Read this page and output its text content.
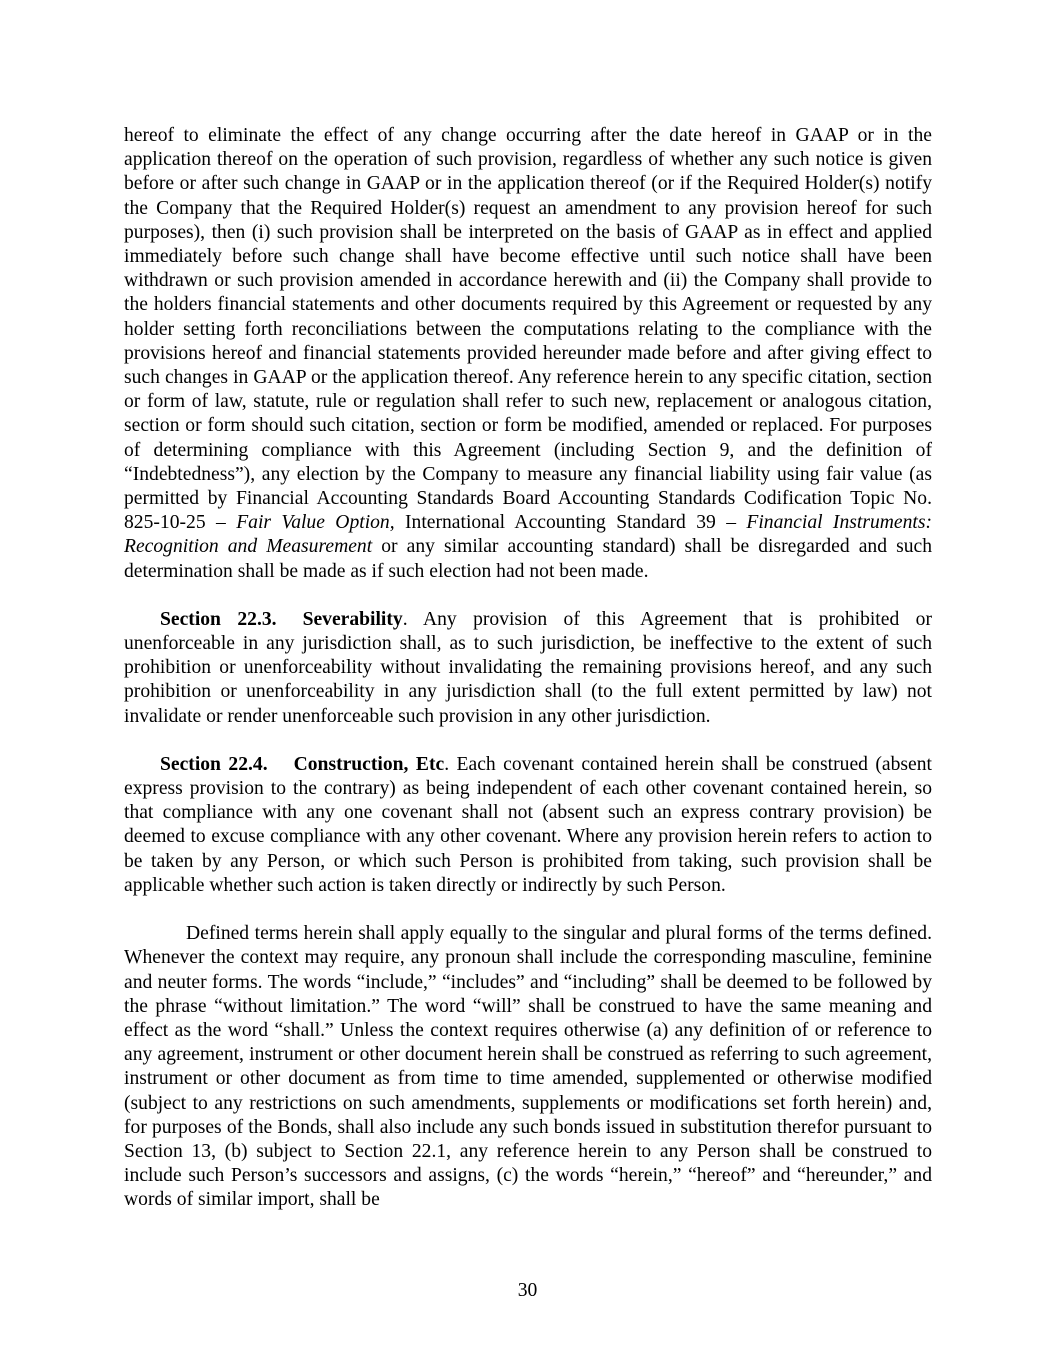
hereof to eliminate the effect of any change occurring after the date hereof in GAAP or in the application thereof on the operation of such provision, regardless of whether any such notice is given before or after such change in GAAP or in the application thereof (or if the Required Holder(s) notify the Company that the Required Holder(s) request an amendment to any provision hereof for such purposes), then (i) such provision shall be interpreted on the basis of GAAP as in effect and applied immediately before such change shall have become effective until such notice shall have been withdrawn or such provision amended in accordance herewith and (ii) the Company shall provide to the holders financial statements and other documents required by this Agreement or requested by any holder setting forth reconciliations between the computations relating to the compliance with the provisions hereof and financial statements provided hereunder made before and after giving effect to such changes in GAAP or the application thereof. Any reference herein to any specific citation, section or form of law, statute, rule or regulation shall refer to such new, replacement or analogous citation, section or form should such citation, section or form be modified, amended or replaced. For purposes of determining compliance with this Agreement (including Section 9, and the definition of “Indebtedness”), any election by the Company to measure any financial liability using fair value (as permitted by Financial Accounting Standards Board Accounting Standards Codification Topic No. 825-10-25 – Fair Value Option, International Accounting Standard 39 – Financial Instruments: Recognition and Measurement or any similar accounting standard) shall be disregarded and such determination shall be made as if such election had not been made.

Section 22.3. Severability. Any provision of this Agreement that is prohibited or unenforceable in any jurisdiction shall, as to such jurisdiction, be ineffective to the extent of such prohibition or unenforceability without invalidating the remaining provisions hereof, and any such prohibition or unenforceability in any jurisdiction shall (to the full extent permitted by law) not invalidate or render unenforceable such provision in any other jurisdiction.

Section 22.4. Construction, Etc. Each covenant contained herein shall be construed (absent express provision to the contrary) as being independent of each other covenant contained herein, so that compliance with any one covenant shall not (absent such an express contrary provision) be deemed to excuse compliance with any other covenant. Where any provision herein refers to action to be taken by any Person, or which such Person is prohibited from taking, such provision shall be applicable whether such action is taken directly or indirectly by such Person.

Defined terms herein shall apply equally to the singular and plural forms of the terms defined. Whenever the context may require, any pronoun shall include the corresponding masculine, feminine and neuter forms. The words “include,” “includes” and “including” shall be deemed to be followed by the phrase “without limitation.” The word “will” shall be construed to have the same meaning and effect as the word “shall.” Unless the context requires otherwise (a) any definition of or reference to any agreement, instrument or other document herein shall be construed as referring to such agreement, instrument or other document as from time to time amended, supplemented or otherwise modified (subject to any restrictions on such amendments, supplements or modifications set forth herein) and, for purposes of the Bonds, shall also include any such bonds issued in substitution therefor pursuant to Section 13, (b) subject to Section 22.1, any reference herein to any Person shall be construed to include such Person’s successors and assigns, (c) the words “herein,” “hereof” and “hereunder,” and words of similar import, shall be

30
